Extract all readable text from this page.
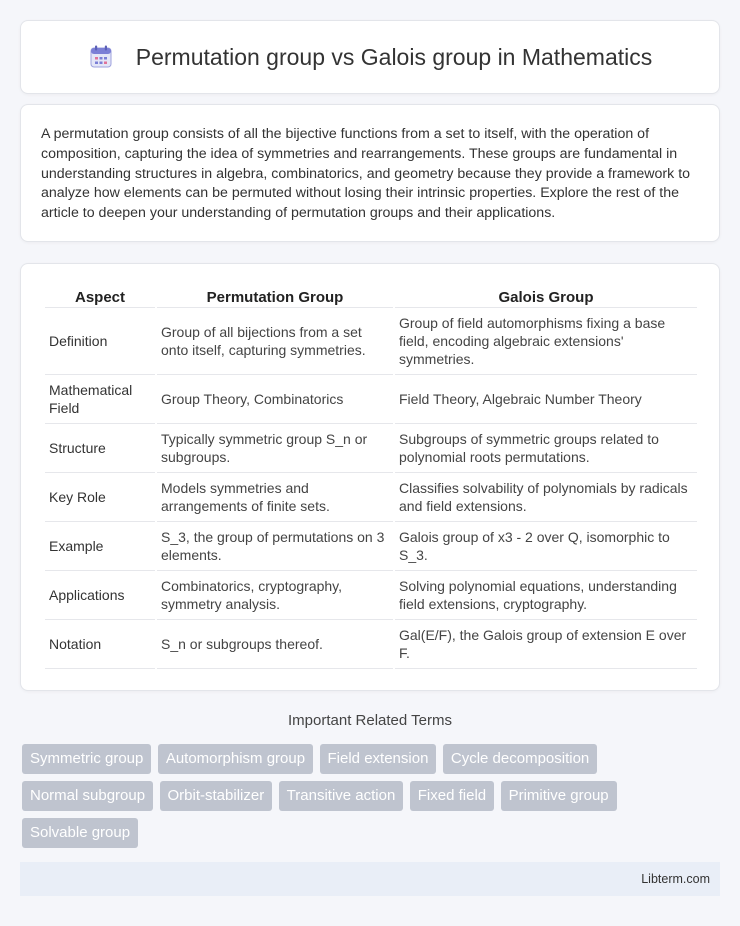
Permutation group vs Galois group in Mathematics

A permutation group consists of all the bijective functions from a set to itself, with the operation of composition, capturing the idea of symmetries and rearrangements. These groups are fundamental in understanding structures in algebra, combinatorics, and geometry because they provide a framework to analyze how elements can be permuted without losing their intrinsic properties. Explore the rest of the article to deepen your understanding of permutation groups and their applications.

Aspect	Permutation Group	Galois Group
Definition	Group of all bijections from a set onto itself, capturing symmetries.	Group of field automorphisms fixing a base field, encoding algebraic extensions' symmetries.
Mathematical Field	Group Theory, Combinatorics	Field Theory, Algebraic Number Theory
Structure	Typically symmetric group S_n or subgroups.	Subgroups of symmetric groups related to polynomial roots permutations.
Key Role	Models symmetries and arrangements of finite sets.	Classifies solvability of polynomials by radicals and field extensions.
Example	S_3, the group of permutations on 3 elements.	Galois group of x3 - 2 over Q, isomorphic to S_3.
Applications	Combinatorics, cryptography, symmetry analysis.	Solving polynomial equations, understanding field extensions, cryptography.
Notation	S_n or subgroups thereof.	Gal(E/F), the Galois group of extension E over F.
Important Related Terms
Symmetric group Automorphism group Field extension Cycle decomposition Normal subgroup Orbit-stabilizer Transitive action Fixed field Primitive group Solvable group
Libterm.com
